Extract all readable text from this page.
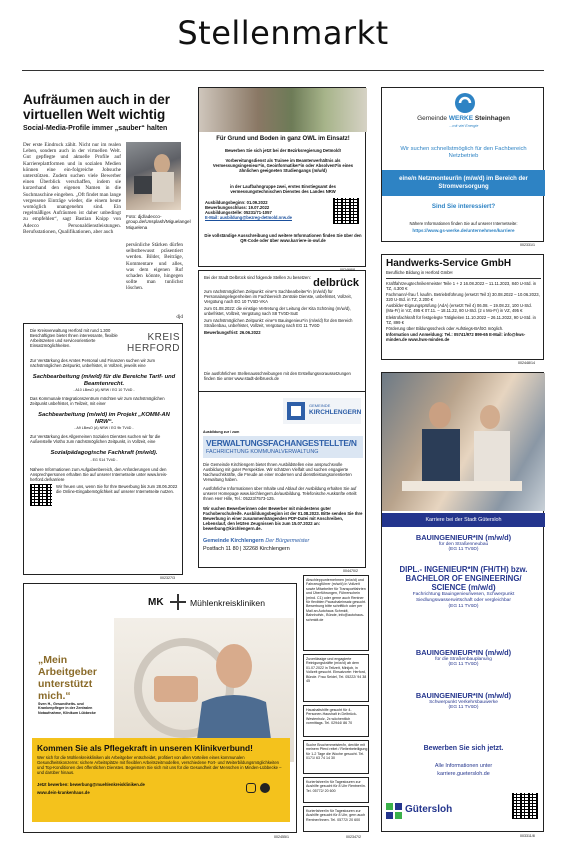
Stellenmarkt
Aufräumen auch in der virtuellen Welt wichtig
Social-Media-Profile immer „sauber“ halten
Der erste Eindruck zählt. Nicht nur im realen Leben, sondern auch in der virtuellen Welt. Gut gepflegte und aktuelle Profile auf Karriereplattformen und in sozialen Medien können eine ein-folgreiche Jobsuche unterstützen. Zudem suchen viele Bewerber einen Überblick verschaffen, indem sie kurzerhand den eigenen Namen in die Suchmaschine eingeben. „Oft findet man lange vergessene Einträge wieder, die einem heute womöglich unangenehm sind. Ein regelmäßiges Aufräumen ist daher unbedingt zu empfehlen“, sagt Bastian Knipp von Adecco Personaldienstleistungen. Berufsstationen, Qualifikationen, aber auch
Foto: djd/adecco-group.de/Unsplash/Miguelangel Miquelena
persönliche Stärken dürfen selbstbewusst präsentiert werden. Bilder, Beiträge, Kommentare und alles, was dem eigenen Ruf schaden könnte, hingegen sollte man tunlichst löschen.
djd
Für Grund und Boden in ganz OWL im Einsatz!
Bewerben Sie sich jetzt bei der Bezirksregierung Detmold!
Vorbereitungsdienst als Trainee im Beamtenverhältnis als Vermessungsingenieur*in, Geoinformatiker*in oder Absolvent*in eines ähnlichen geeigneten Studiengangs (m/w/d)
in der Laufbahngruppe zwei, erstes Einstiegsamt des vermessungstechnischen Dienstes des Landes NRW
Ausbildungsbeginn: 01.09.2022
Bewerbungsschluss: 19.07.2022
Ausbildungsstelle: 05231/71-1057
E-Mail: ausbildung@bezreg-detmold.nrw.de
Die vollständige Ausschreibung und weitere Informationen finden Sie über den QR-Code oder über www.karriere-in-owl.de
delbrück
Bei der Stadt Delbrück sind folgende Stellen zu besetzen:
zum nächstmöglichen Zeitpunkt: eine*n Sachbearbeiter*in (m/w/d) für Personalangelegenheiten im Fachbereich Zentrale Dienste, unbefristet, Vollzeit, Vergütung nach EG 10 TVöD-VKA
zum 01.08.2022: die einstige Vertretung der Leitung der Kita Schöning (m/w/d), unbefristet, Vollzeit, Vergütung nach S8 TVöD-SuE
zum nächstmöglichen Zeitpunkt: eine*n Bauingenieur*in (m/w/d) für den Bereich Straßenbau, unbefristet, Vollzeit, Vergütung nach EG 11 TVöD
Bewerbungsfrist: 26.06.2022
Die ausführlichen Stellenausschreibungen mit den Erstellungsvoraussetzungen finden Sie unter www.stadt-delbrueck.de
Gemeinde WERKE Steinhagen
…mit viel Energie
Wir suchen schnellstmöglich für den Fachbereich Netzbetrieb
eine/n Netzmonteur/in (m/w/d) im Bereich der Stromversorgung
Sind Sie interessiert?
Nähere Informationen finden Sie auf unserer Internetseite:
https://www.gs-werke.de/unternehmen/karriere
Handwerks-Service GmbH
Berufliche Bildung in Herford GmbH
Kraftfahrzeugtechnikermeister Teile 1 + 2 16.08.2022 – 11.11.2023, 840 U-Std. in TZ, 4.300 €
Fachmann/-frau f. kaufm. Betriebsführung (ersetzt Teil 3) 30.08.2022 – 10.06.2023, 320 U-Std. in TZ, 2.200 €
Ausbilder-Eignungsprüfung (AdA) (ersetzt Teil 4) 06.08. – 19.08.22, 100 U-Std. (Ma-Fr) in VZ, 495 € 07.11. – 18.11.22, 80 U-Std. (2 x Mo-Fr) in VZ, 495 €
Elektrofachkraft für festgelegte Tätigkeiten 11.10.2022 – 26.11.2022, 90 U-Std. in TZ, 899 €
Förderung über Bildungsscheck oder Aufstiegs-BAföG möglich.
Information und Anmeldung: Tel.: 05741/972 899-65 E-Mail: info@hws-minden.de www.hws-minden.de
Die Kreisverwaltung Herford mit rund 1.300 Beschäftigten bietet Ihnen interessante, flexible Arbeitszeiten und serviceorientierte Einsatzmöglichkeiten.
KREIS
HERFORD
Zur Verstärkung des Amtes Personal und Finanzen suchen wir zum nächstmöglichen Zeitpunkt, unbefristet, in Vollzeit, jeweils eine
Sachbearbeitung (m/w/d) für die Bereiche Tarif- und Beamtenrecht.
- A10 LBesO (A) NRW / EG 10 TVöD -
Das Kommunale Integrationszentrum möchten wir zum nächstmöglichen Zeitpunkt unbefristet, in Teilzeit, mit einer
Sachbearbeitung (m/w/d) im Projekt „KOMM-AN NRW“.
- A9 LBesO (A) NRW / EG 9b TVöD -
Zur Verstärkung des Allgemeinen Sozialen Dienstes suchen wir für die Außenstelle Vlotho zum nächstmöglichen Zeitpunkt, in Vollzeit, eine
Sozialpädagogische Fachkraft (m/w/d).
- EG S14 TVöD -
Nähere Informationen zum Aufgabenbereich, den Anforderungen und den Ansprechpersonen erhalten Sie auf unserer Internetseite unter www.kreis-herford.de/karriere
Wir freuen uns, wenn Sie für Ihre Bewerbung bis zum 28.06.2022 die Online-Eingabemöglichkeit auf unserer Internetseite nutzen.
GEMEINDE
KIRCHLENGERN
Ausbildung zur / zum
VERWALTUNGSFACHANGESTELLTE/N
FACHRICHTUNG KOMMUNALVERWALTUNG
Die Gemeinde Kirchlengern bietet Ihnen Ausbildstellen eine anspruchsvolle Ausbildung mit guter Perspektive. Wir schätzen Vielfalt und suchen engagierte Nachwuchskräfte, die Freude an einer modernen und dienstleistungsorientierten Verwaltung haben.
Ausführliche Informationen über Inhalte und Ablauf der Ausbildung erhalten Sie auf unserer Homepage www.kirchlengern.de/ausbildung. Telefonische Auskünfte erteilt Ihnen Herr Hille, Tel.: 05223/7573-125.
Wir suchen Bewerberinnen oder Bewerber mit mindestens guter Fachoberschulreife. Ausbildungsbeginn ist der 01.08.2023. Bitte senden Sie Ihre Bewerbung in einer zusammenhängenden PDF-Datei mit Anschreiben, Lebenslauf, den letzten Zeugnissen bis zum 15.07.2022 an: bewerbung@kirchlengern.de.
Gemeinde Kirchlengern Der Bürgermeister
Postfach 11 80 | 32268 Kirchlengern
Karriere bei der Stadt Gütersloh
BAUINGENIEUR*IN (m/w/d)
für den Straßenneubau
(EG 11 TVöD)
DIPL.- INGENIEUR*IN (FH/TH) bzw. BACHELOR OF ENGINEERING/ SCIENCE (m/w/d)
Fachrichtung Bauingenieurwesen, Schwerpunkt Siedlungswasserwirtschaft oder vergleichbar
(EG 11 TVöD)
BAUINGENIEUR*IN (m/w/d)
für die Straßenbauplanung
(EG 11 TVöD)
BAUINGENIEUR*IN (m/w/d)
Schwerpunkt Verkehrsbauwerke
(EG 11 TVöD)
Bewerben Sie sich jetzt.
Alle Informationen unter
karriere.guetersloh.de
Gütersloh
MK	Mühlenkreiskliniken
„Mein Arbeitgeber unterstützt mich.“
Sven H., Gesundheits- und Krankenpfleger in der Zentralen Notaufnahme, Klinikum Lübbecke
Kommen Sie als Pflegekraft in unseren Klinikverbund!
Wer sich für die Mühlenkreiskliniken als Arbeitgeber entscheidet, profitiert von allen Vorteilen eines kommunalen Gesundheitskonzerns: sichere Arbeitsplätze mit flexiblen Arbeitszeitmodellen, verschiedene Fort- und Weiterbildungsmöglichkeiten und Top-Konditionen des öffentlichen Dienstes. Begeistern Sie sich mit uns für die Gesundheit der Menschen in Minden-Lübbecke – und darüber hinaus.
Jetzt bewerben: bewerbung@muehlenkreiskliniken.de
www.dein-krankenhaus.de
Abschleppunternehmen (m/w/d) und Fahrzeugführer (m/w/d) in Vollzeit sowie Mitarbeiter für Transportfahrten und Überführungen, Führerschein (mind. C1) oder gerne auch Rentner für flexiblen Pauschaleinsatz gesucht. Bewerbung bitte schriftlich oder per Mail an Autohaus Schmidt, Bahnhofstr., Bünde, info@autohaus-schmidt.de
Zuverlässige und engagierte Reinigungskräfte (m/w/d) ab dem 01.07.2022 in Teilzeit, Minijob, in Vollzeit gesucht. Einsatzorte: Herford, Bünde. Frau Seidel, Tel. 05222/ 94 38 45
Haushaltshilfe gesucht für 4-Personen-Haushalt in Delbrück-Westenholz, 2x wöchentlich vormittags. Tel. 02944/ 86 70
Suche Bruchenmeister/in, der/die mit meinem Pferd reitet / Reiterbeteiligung für 1-2 Tage die Woche gesucht. Tel. 0171/ 63 74 14 30
Kurierfahrer/in für Tagestouren zur Aushilfe gesucht für 8 Uhr Rentner/in. Tel. 05772/ 20 600
Kurierfahrer/in für Tagestouren zur Aushilfe gesucht für 8 Uhr, gern auch Rentner/innen. Tel. 05772/ 20 600
002468/8
002331/1
002448/14
002327/3
004470/2
002455/1	002347/2	003311/8
